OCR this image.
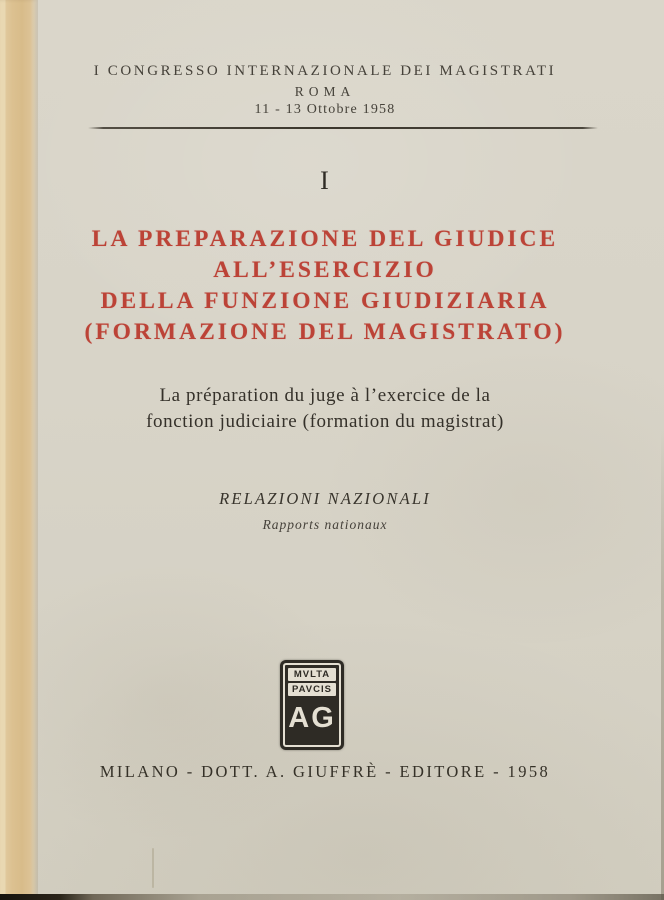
I CONGRESSO INTERNAZIONALE DEI MAGISTRATI
ROMA
11 - 13 Ottobre 1958
I
LA PREPARAZIONE DEL GIUDICE
ALL’ESERCIZIO
DELLA FUNZIONE GIUDIZIARIA
(FORMAZIONE DEL MAGISTRATO)
La préparation du juge à l’exercice de la
fonction judiciaire (formation du magistrat)
RELAZIONI NAZIONALI
Rapports nationaux
MVLTA
PAVCIS
AG
MILANO - DOTT. A. GIUFFRÈ - EDITORE - 1958
